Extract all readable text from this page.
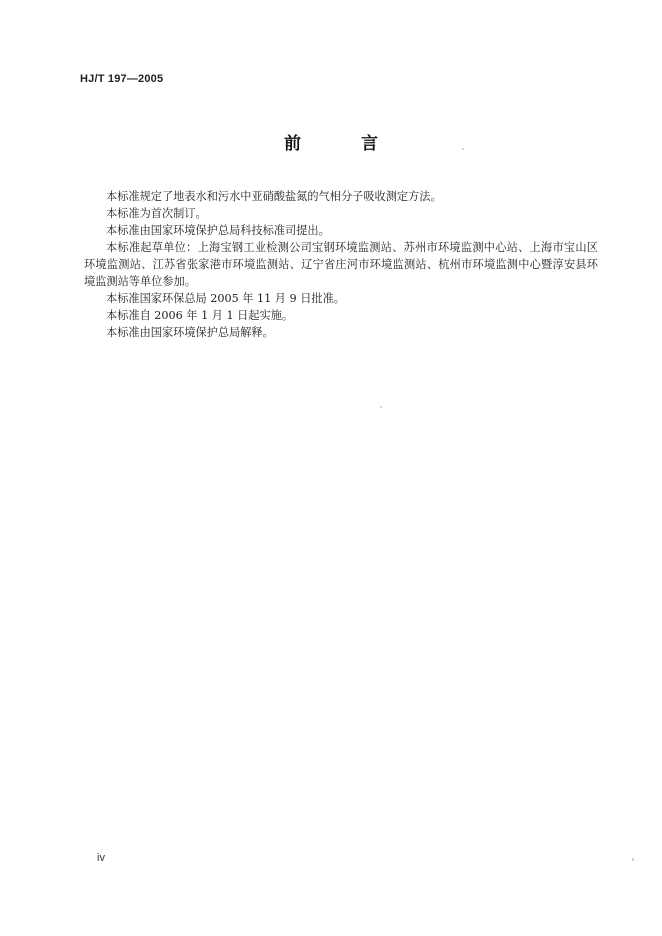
HJ/T 197—2005
前言

本标准规定了地表水和污水中亚硝酸盐氮的气相分子吸收测定方法。

本标准为首次制订。

本标准由国家环境保护总局科技标准司提出。

本标准起草单位：上海宝钢工业检测公司宝钢环境监测站、苏州市环境监测中心站、上海市宝山区环境监测站、江苏省张家港市环境监测站、辽宁省庄河市环境监测站、杭州市环境监测中心暨淳安县环境监测站等单位参加。

本标准国家环保总局 2005 年 11 月 9 日批准。

本标准自 2006 年 1 月 1 日起实施。

本标准由国家环境保护总局解释。

iv
